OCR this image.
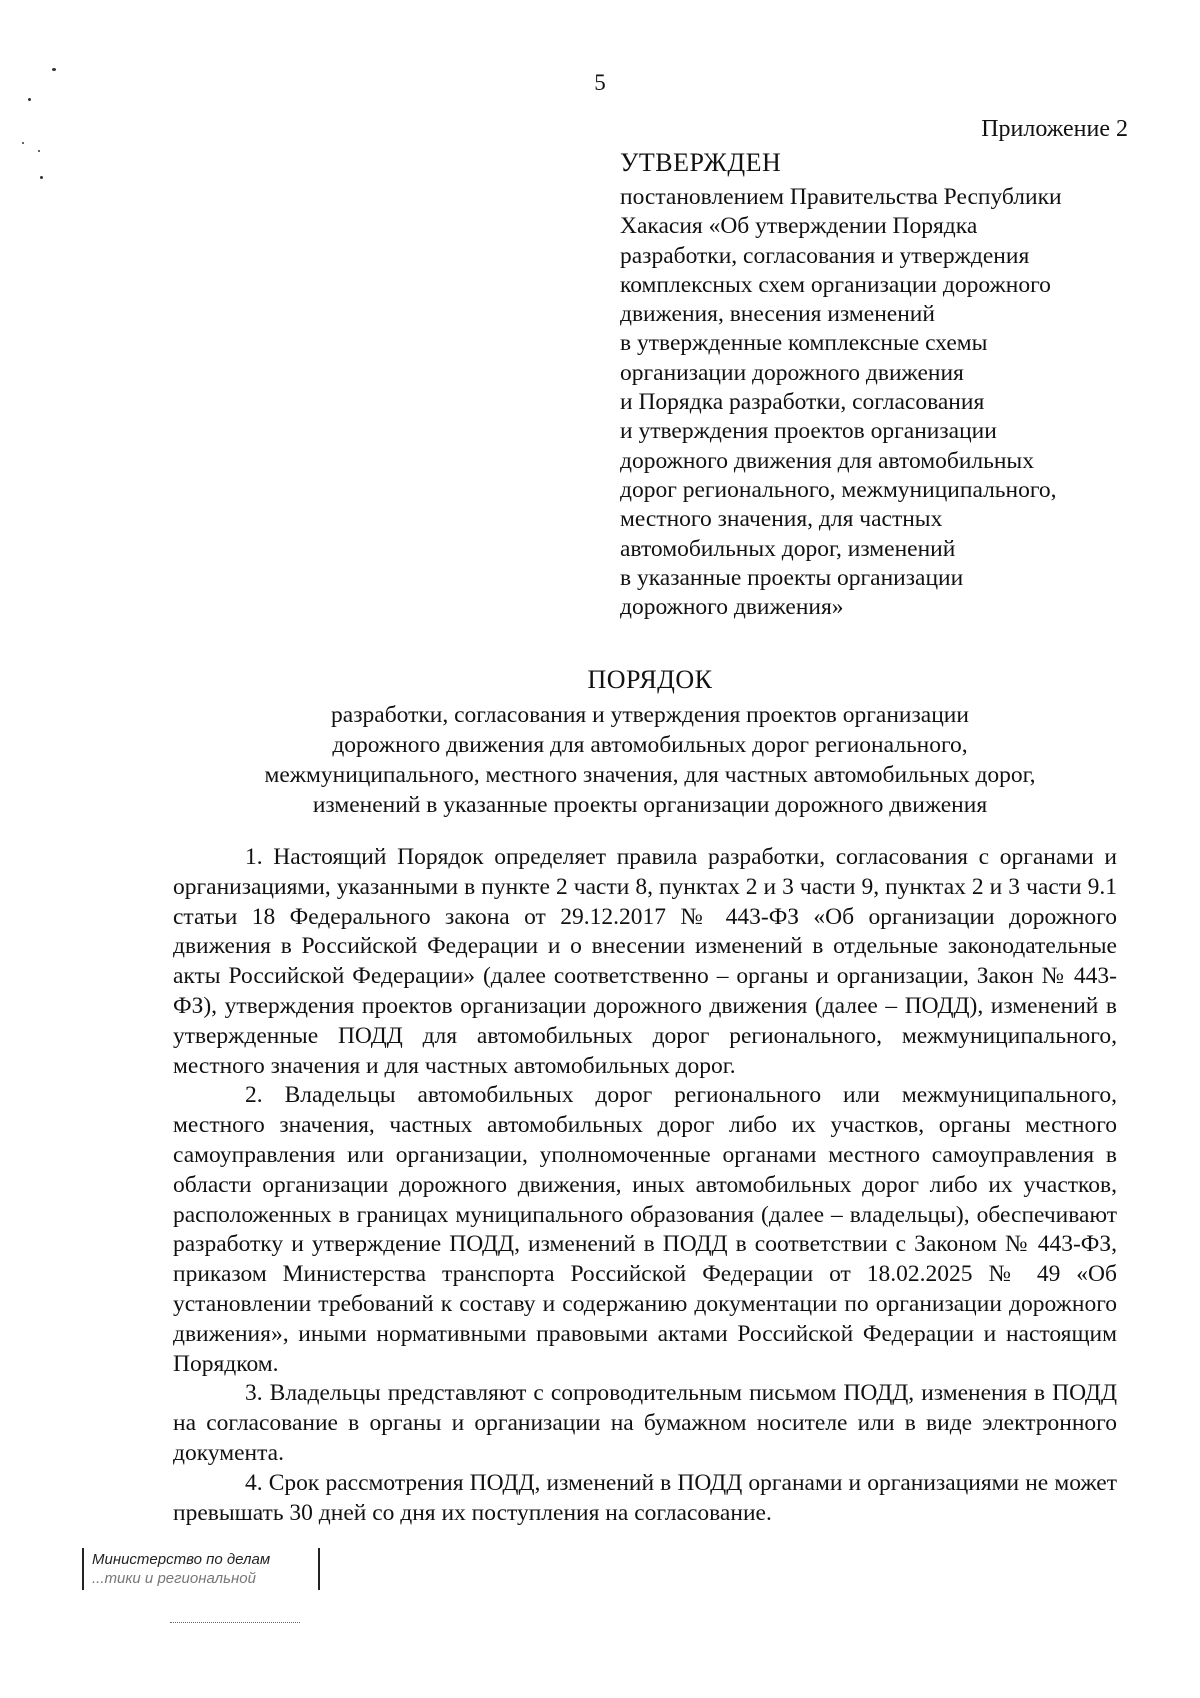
5
Приложение 2
УТВЕРЖДЕН
постановлением Правительства Республики
Хакасия «Об утверждении Порядка
разработки, согласования и утверждения
комплексных схем организации дорожного
движения, внесения изменений
в утвержденные комплексные схемы
организации дорожного движения
и Порядка разработки, согласования
и утверждения проектов организации
дорожного движения для автомобильных
дорог регионального, межмуниципального,
местного значения, для частных
автомобильных дорог, изменений
в указанные проекты организации
дорожного движения»
ПОРЯДОК
разработки, согласования и утверждения проектов организации
дорожного движения для автомобильных дорог регионального,
межмуниципального, местного значения, для частных автомобильных дорог,
изменений в указанные проекты организации дорожного движения

1. Настоящий Порядок определяет правила разработки, согласования с органами и организациями, указанными в пункте 2 части 8, пунктах 2 и 3 части 9, пунктах 2 и 3 части 9.1 статьи 18 Федерального закона от 29.12.2017 № 443-ФЗ «Об организации дорожного движения в Российской Федерации и о внесении изменений в отдельные законодательные акты Российской Федерации» (далее соответственно – органы и организации, Закон № 443-ФЗ), утверждения проектов организации дорожного движения (далее – ПОДД), изменений в утвержденные ПОДД для автомобильных дорог регионального, межмуниципального, местного значения и для частных автомобильных дорог.

2. Владельцы автомобильных дорог регионального или межмуниципального, местного значения, частных автомобильных дорог либо их участков, органы местного самоуправления или организации, уполномоченные органами местного самоуправления в области организации дорожного движения, иных автомобильных дорог либо их участков, расположенных в границах муниципального образования (далее – владельцы), обеспечивают разработку и утверждение ПОДД, изменений в ПОДД в соответствии с Законом № 443-ФЗ, приказом Министерства транспорта Российской Федерации от 18.02.2025 № 49 «Об установлении требований к составу и содержанию документации по организации дорожного движения», иными нормативными правовыми актами Российской Федерации и настоящим Порядком.

3. Владельцы представляют с сопроводительным письмом ПОДД, изменения в ПОДД на согласование в органы и организации на бумажном носителе или в виде электронного документа.

4. Срок рассмотрения ПОДД, изменений в ПОДД органами и организациями не может превышать 30 дней со дня их поступления на согласование.

Министерство по делам
...тики и региональной
